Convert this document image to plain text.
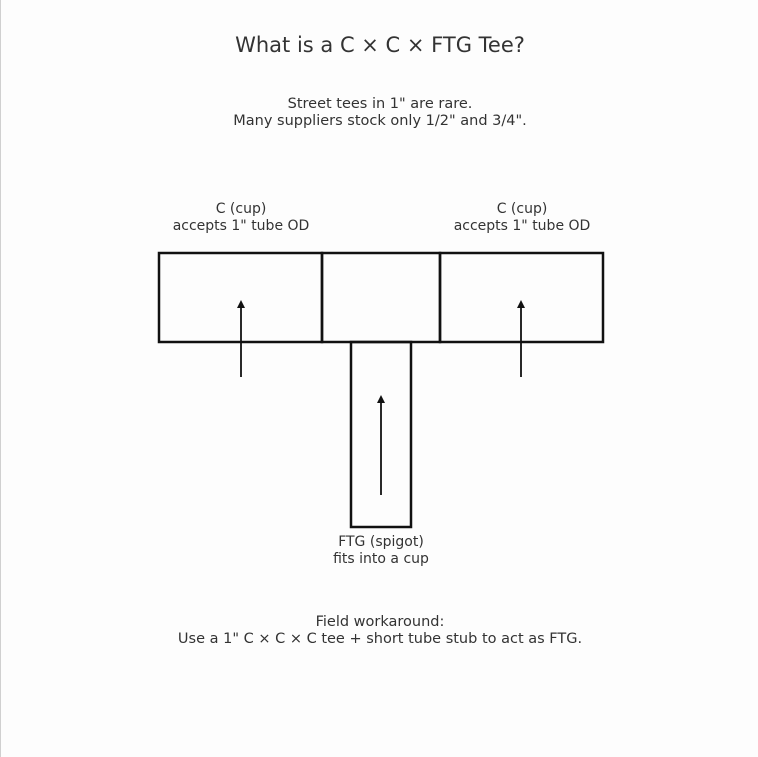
What is a C × C × FTG Tee?
Street tees in 1" are rare.
Many suppliers stock only 1/2" and 3/4".
C (cup)
accepts 1" tube OD
C (cup)
accepts 1" tube OD
FTG (spigot)
fits into a cup
Field workaround:
Use a 1" C × C × C tee + short tube stub to act as FTG.
